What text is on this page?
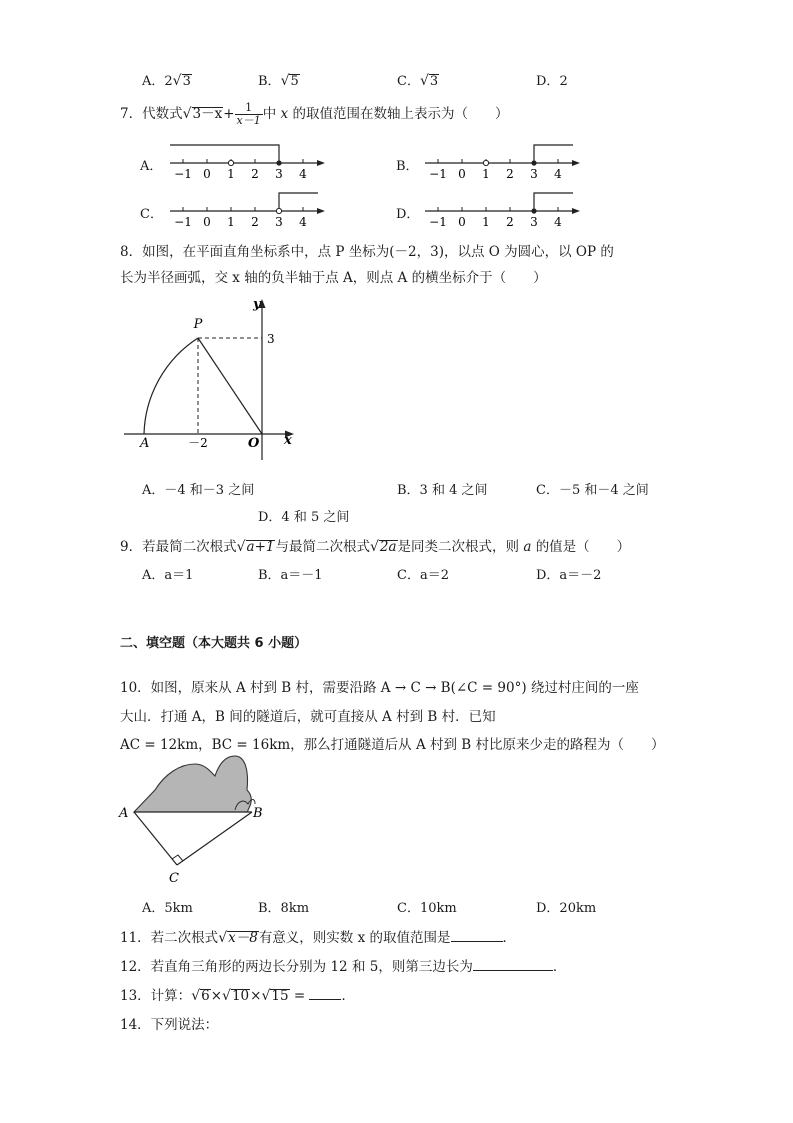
A．2√3	B．√5	C．√3	D．2
7．代数式$√3-x+ \frac{1}{x-1}$ 中 x 的取值范围在数轴上表示为（　　）
A．	B．
C．	D．
−1 0 1 2 3 4	−1 0 1 2 3 4
−1 0 1 2 3 4	−1 0 1 2 3 4
8．如图，在平面直角坐标系中，点 P 坐标为(－2，3)，以点 O 为圆心，以 OP 的
长为半径画弧，交 x 轴的负半轴于点 A，则点 A 的横坐标介于（　　）
P
y
x
O
A
3
－2
A．－4 和－3 之间	B．3 和 4 之间	C．－5 和－4 之间
D．4 和 5 之间
9．若最简二次根式√a+1与最简二次根式√2a是同类二次根式，则 a 的值是（　　）
A．a＝1	B．a＝－1	C．a＝2	D．a＝－2
二、填空题（本大题共 6 小题）
10．如图，原来从 A 村到 B 村，需要沿路 A → C → B(∠C = 90°) 绕过村庄间的一座
大山．打通 A，B 间的隧道后，就可直接从 A 村到 B 村．已知
AC = 12km，BC = 16km，那么打通隧道后从 A 村到 B 村比原来少走的路程为（　　）
A	B
C
A．5km	B．8km	C．10km	D．20km
11．若二次根式√x－8有意义，则实数 x 的取值范围是	．
12．若直角三角形的两边长分别为 12 和 5，则第三边长为	．
13．计算：√6×√10×√15 =	．
14．下列说法：
